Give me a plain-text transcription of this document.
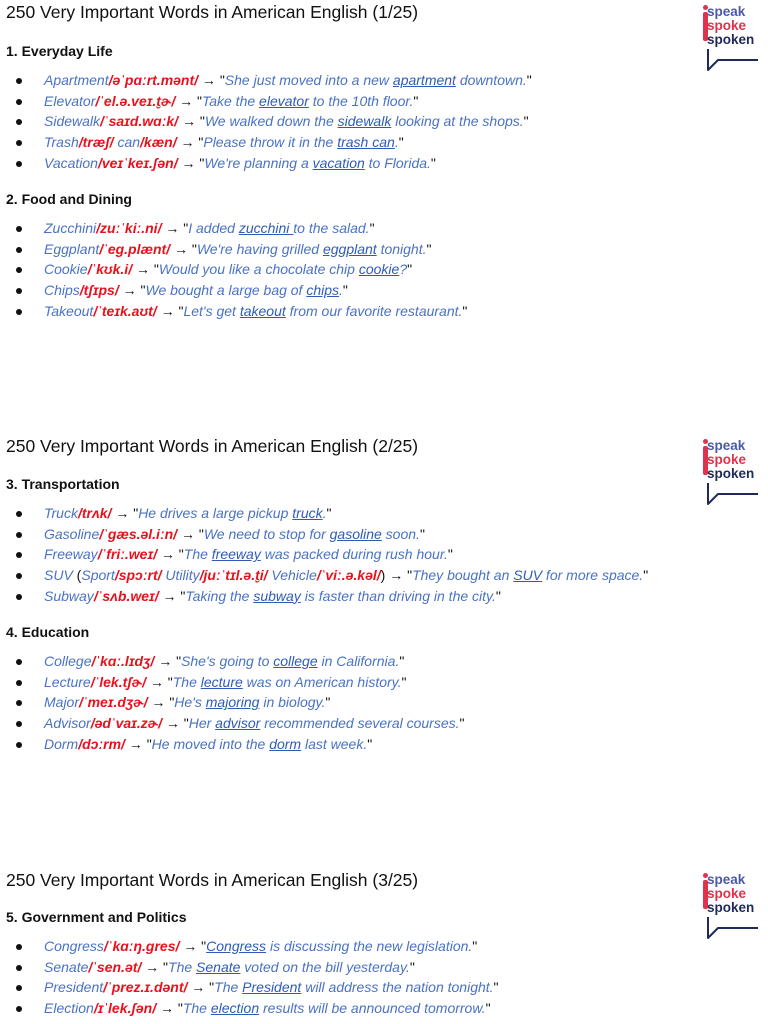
250 Very Important Words in American English (1/25)	speak
spoke
spoken
1. Everyday Life
Apartment/əˈpɑːrt.mənt/ → "She just moved into a new apartment downtown."
Elevator/ˈel.ə.veɪ.t̬ɚ/ → "Take the elevator to the 10th floor."
Sidewalk/ˈsaɪd.wɑːk/ → "We walked down the sidewalk looking at the shops."
Trash/træʃ/ can/kæn/ → "Please throw it in the trash can."
Vacation/veɪˈkeɪ.ʃən/ → "We're planning a vacation to Florida."
2. Food and Dining
Zucchini/zuːˈkiː.ni/ → "I added zucchini to the salad."
Eggplant/ˈeɡ.plænt/ → "We're having grilled eggplant tonight."
Cookie/ˈkʊk.i/ → "Would you like a chocolate chip cookie?"
Chips/tʃɪps/ → "We bought a large bag of chips."
Takeout/ˈteɪk.aʊt/ → "Let's get takeout from our favorite restaurant."
250 Very Important Words in American English (2/25)	speak
spoke
spoken
3. Transportation
Truck/trʌk/ → "He drives a large pickup truck."
Gasoline/ˈɡæs.əl.iːn/ → "We need to stop for gasoline soon."
Freeway/ˈfriː.weɪ/ → "The freeway was packed during rush hour."
SUV (Sport/spɔːrt/ Utility/juːˈtɪl.ə.t̬i/ Vehicle/ˈviː.ə.kəl/) → "They bought an SUV for more space."
Subway/ˈsʌb.weɪ/ → "Taking the subway is faster than driving in the city."
4. Education
College/ˈkɑː.lɪdʒ/ → "She's going to college in California."
Lecture/ˈlek.tʃɚ/ → "The lecture was on American history."
Major/ˈmeɪ.dʒɚ/ → "He's majoring in biology."
Advisor/ədˈvaɪ.zɚ/ → "Her advisor recommended several courses."
Dorm/dɔːrm/ → "He moved into the dorm last week."
250 Very Important Words in American English (3/25)	speak
spoke
spoken
5. Government and Politics
Congress/ˈkɑːŋ.ɡres/ → "Congress is discussing the new legislation."
Senate/ˈsen.ət/ → "The Senate voted on the bill yesterday."
President/ˈprez.ɪ.dənt/ → "The President will address the nation tonight."
Election/ɪˈlek.ʃən/ → "The election results will be announced tomorrow."
